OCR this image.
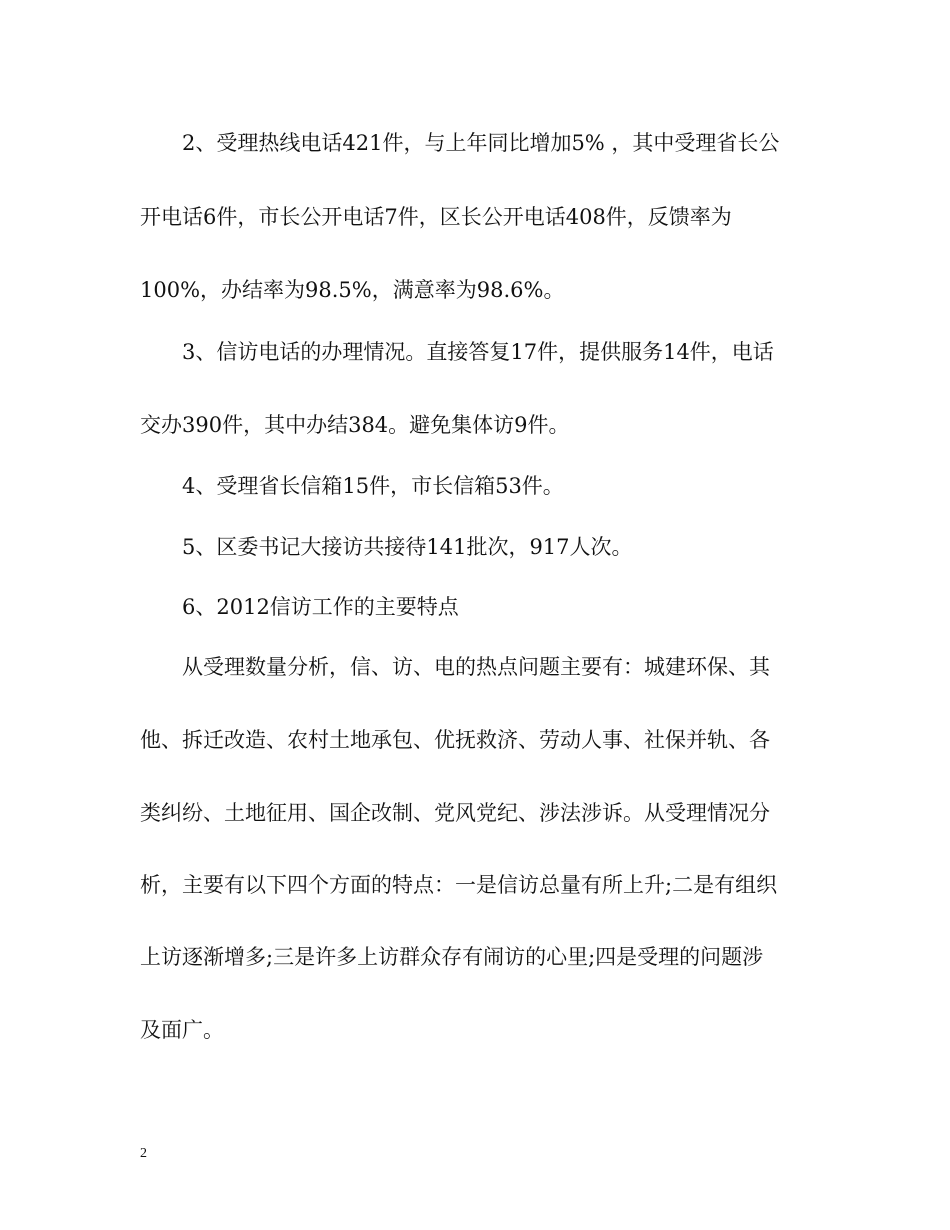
2、受理热线电话421件，与上年同比增加5% ，其中受理省长公

开电话6件，市长公开电话7件，区长公开电话408件，反馈率为

100%，办结率为98.5%，满意率为98.6%。

3、信访电话的办理情况。直接答复17件，提供服务14件，电话

交办390件，其中办结384。避免集体访9件。

4、受理省长信箱15件，市长信箱53件。

5、区委书记大接访共接待141批次，917人次。

6、2012信访工作的主要特点

从受理数量分析，信、访、电的热点问题主要有：城建环保、其

他、拆迁改造、农村土地承包、优抚救济、劳动人事、社保并轨、各

类纠纷、土地征用、国企改制、党风党纪、涉法涉诉。从受理情况分

析，主要有以下四个方面的特点：一是信访总量有所上升;二是有组织

上访逐渐增多;三是许多上访群众存有闹访的心里;四是受理的问题涉

及面广。

2
